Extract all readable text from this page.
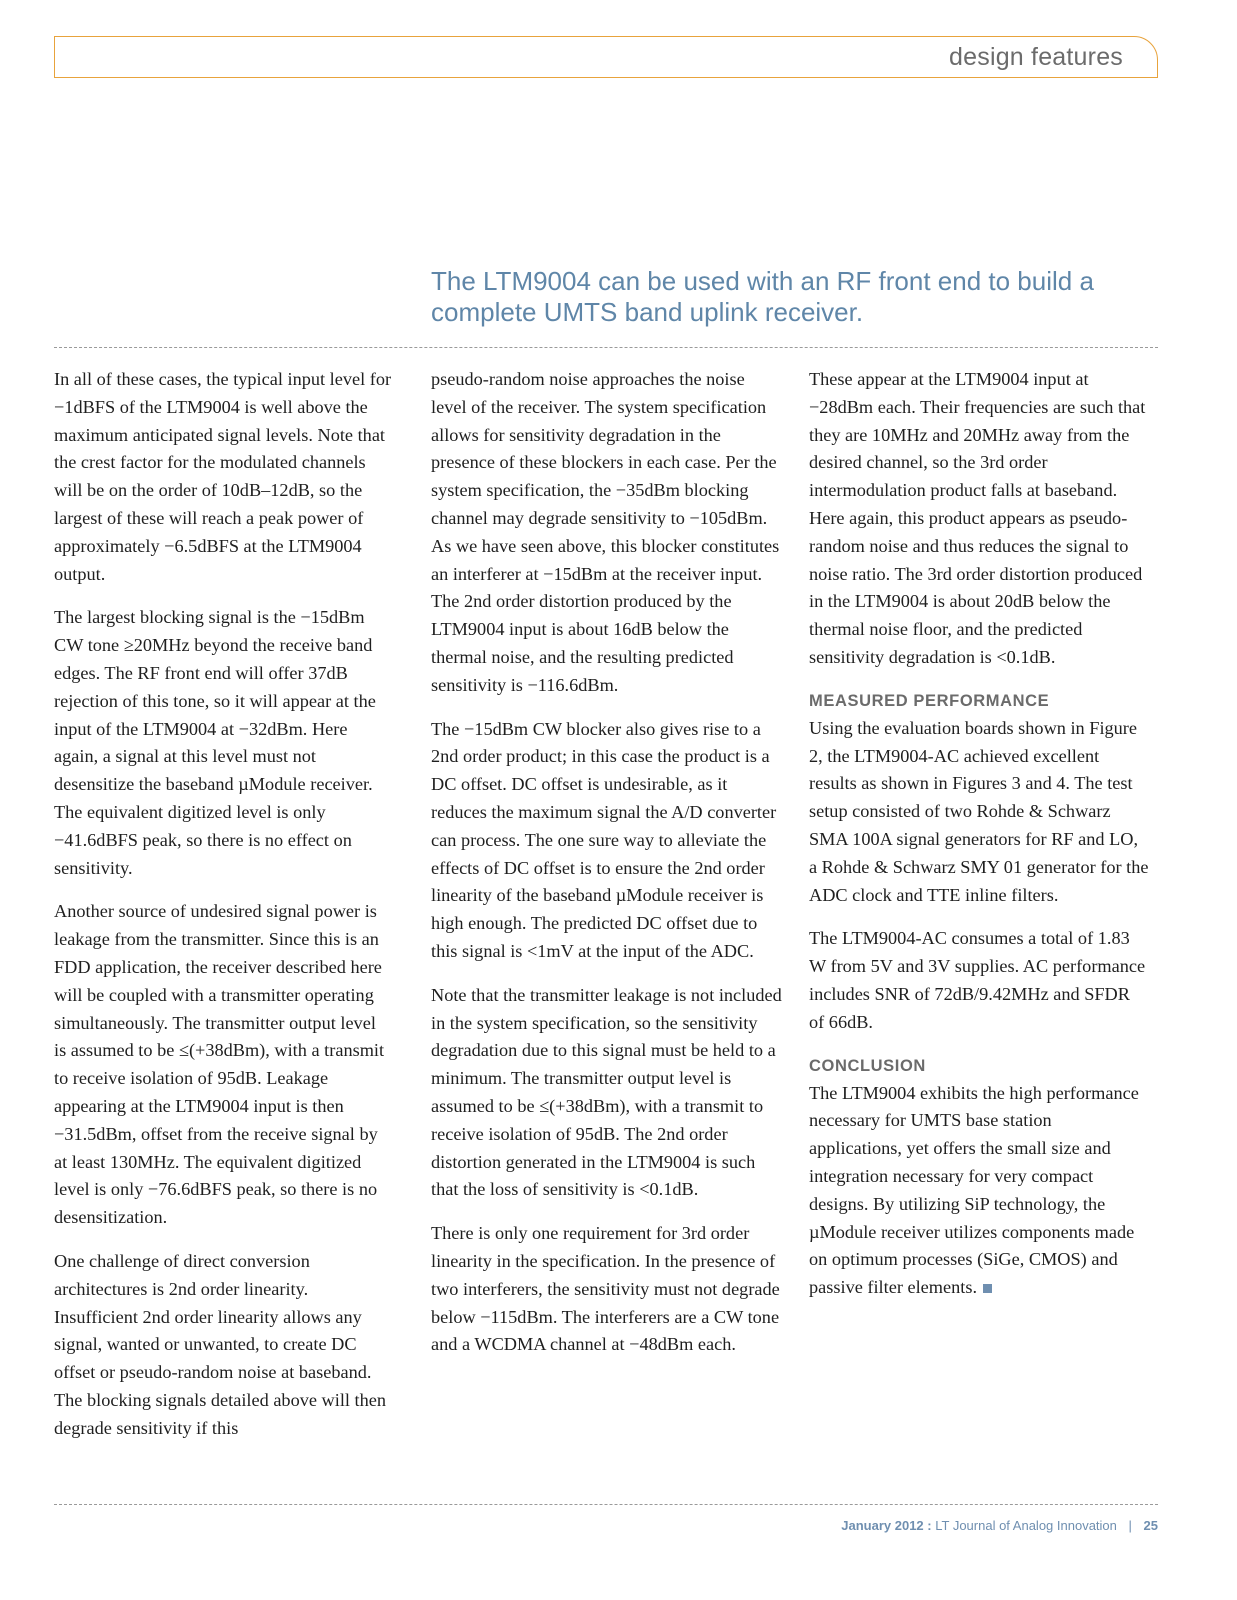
design features
The LTM9004 can be used with an RF front end to build a complete UMTS band uplink receiver.

In all of these cases, the typical input level for −1dBFS of the LTM9004 is well above the maximum anticipated signal levels. Note that the crest factor for the modulated channels will be on the order of 10dB–12dB, so the largest of these will reach a peak power of approximately −6.5dBFS at the LTM9004 output.

The largest blocking signal is the −15dBm CW tone ≥20MHz beyond the receive band edges. The RF front end will offer 37dB rejection of this tone, so it will appear at the input of the LTM9004 at −32dBm. Here again, a signal at this level must not desensitize the baseband µModule receiver. The equivalent digitized level is only −41.6dBFS peak, so there is no effect on sensitivity.

Another source of undesired signal power is leakage from the transmitter. Since this is an FDD application, the receiver described here will be coupled with a transmitter operating simultaneously. The transmitter output level is assumed to be ≤(+38dBm), with a transmit to receive isolation of 95dB. Leakage appearing at the LTM9004 input is then −31.5dBm, offset from the receive signal by at least 130MHz. The equivalent digitized level is only −76.6dBFS peak, so there is no desensitization.

One challenge of direct conversion architectures is 2nd order linearity. Insufficient 2nd order linearity allows any signal, wanted or unwanted, to create DC offset or pseudo-random noise at baseband. The blocking signals detailed above will then degrade sensitivity if this

pseudo-random noise approaches the noise level of the receiver. The system specification allows for sensitivity degradation in the presence of these blockers in each case. Per the system specification, the −35dBm blocking channel may degrade sensitivity to −105dBm. As we have seen above, this blocker constitutes an interferer at −15dBm at the receiver input. The 2nd order distortion produced by the LTM9004 input is about 16dB below the thermal noise, and the resulting predicted sensitivity is −116.6dBm.

The −15dBm CW blocker also gives rise to a 2nd order product; in this case the product is a DC offset. DC offset is undesirable, as it reduces the maximum signal the A/D converter can process. The one sure way to alleviate the effects of DC offset is to ensure the 2nd order linearity of the baseband µModule receiver is high enough. The predicted DC offset due to this signal is <1mV at the input of the ADC.

Note that the transmitter leakage is not included in the system specification, so the sensitivity degradation due to this signal must be held to a minimum. The transmitter output level is assumed to be ≤(+38dBm), with a transmit to receive isolation of 95dB. The 2nd order distortion generated in the LTM9004 is such that the loss of sensitivity is <0.1dB.

There is only one requirement for 3rd order linearity in the specification. In the presence of two interferers, the sensitivity must not degrade below −115dBm. The interferers are a CW tone and a WCDMA channel at −48dBm each.

These appear at the LTM9004 input at −28dBm each. Their frequencies are such that they are 10MHz and 20MHz away from the desired channel, so the 3rd order intermodulation product falls at baseband. Here again, this product appears as pseudo-random noise and thus reduces the signal to noise ratio. The 3rd order distortion produced in the LTM9004 is about 20dB below the thermal noise floor, and the predicted sensitivity degradation is <0.1dB.

MEASURED PERFORMANCE

Using the evaluation boards shown in Figure 2, the LTM9004-AC achieved excellent results as shown in Figures 3 and 4. The test setup consisted of two Rohde & Schwarz SMA 100A signal generators for RF and LO, a Rohde & Schwarz SMY 01 generator for the ADC clock and TTE inline filters.

The LTM9004-AC consumes a total of 1.83 W from 5V and 3V supplies. AC performance includes SNR of 72dB/9.42MHz and SFDR of 66dB.

CONCLUSION

The LTM9004 exhibits the high performance necessary for UMTS base station applications, yet offers the small size and integration necessary for very compact designs. By utilizing SiP technology, the µModule receiver utilizes components made on optimum processes (SiGe, CMOS) and passive filter elements.

January 2012 : LT Journal of Analog Innovation | 25
